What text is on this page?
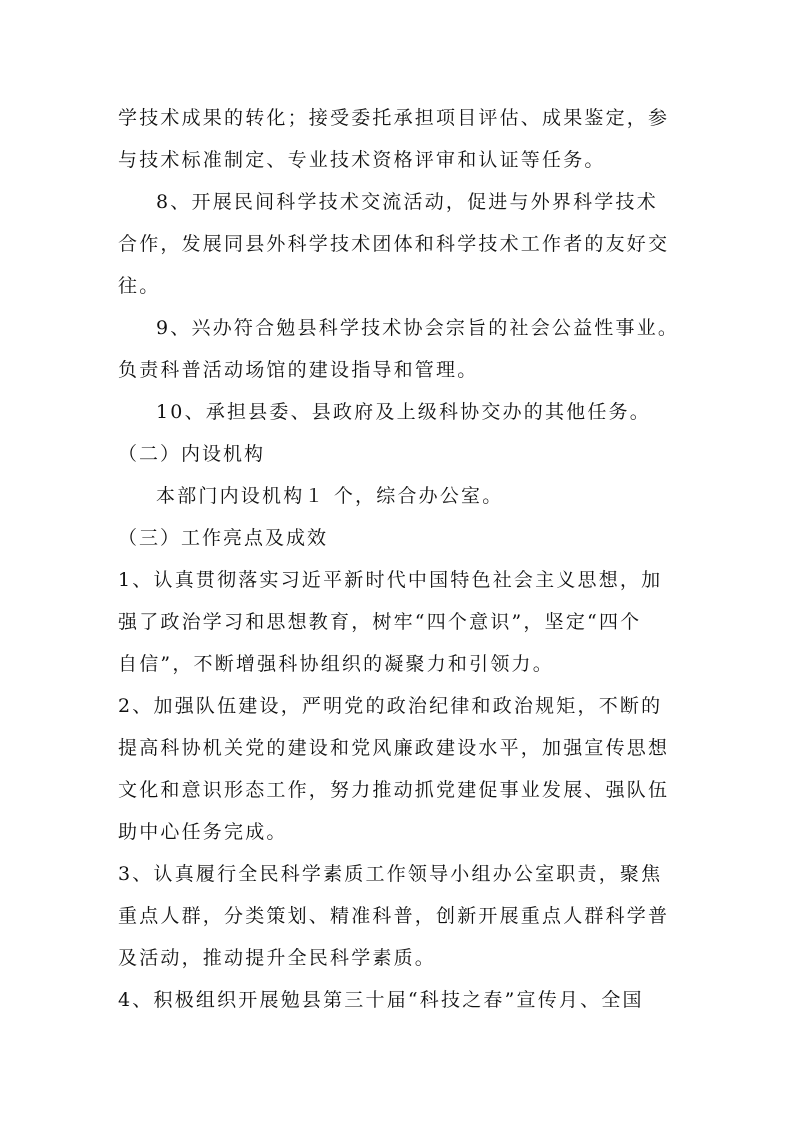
学技术成果的转化；接受委托承担项目评估、成果鉴定，参
与技术标准制定、专业技术资格评审和认证等任务。
8、开展民间科学技术交流活动，促进与外界科学技术
合作，发展同县外科学技术团体和科学技术工作者的友好交
往。
9、兴办符合勉县科学技术协会宗旨的社会公益性事业。
负责科普活动场馆的建设指导和管理。
10、承担县委、县政府及上级科协交办的其他任务。
（二）内设机构
本部门内设机构１ 个，综合办公室。
（三）工作亮点及成效
1、认真贯彻落实习近平新时代中国特色社会主义思想，加
强了政治学习和思想教育，树牢“四个意识”，坚定“四个
自信”，不断增强科协组织的凝聚力和引领力。
2、加强队伍建设，严明党的政治纪律和政治规矩，不断的
提高科协机关党的建设和党风廉政建设水平，加强宣传思想
文化和意识形态工作，努力推动抓党建促事业发展、强队伍
助中心任务完成。
3、认真履行全民科学素质工作领导小组办公室职责，聚焦
重点人群，分类策划、精准科普，创新开展重点人群科学普
及活动，推动提升全民科学素质。
4、积极组织开展勉县第三十届“科技之春”宣传月、全国
